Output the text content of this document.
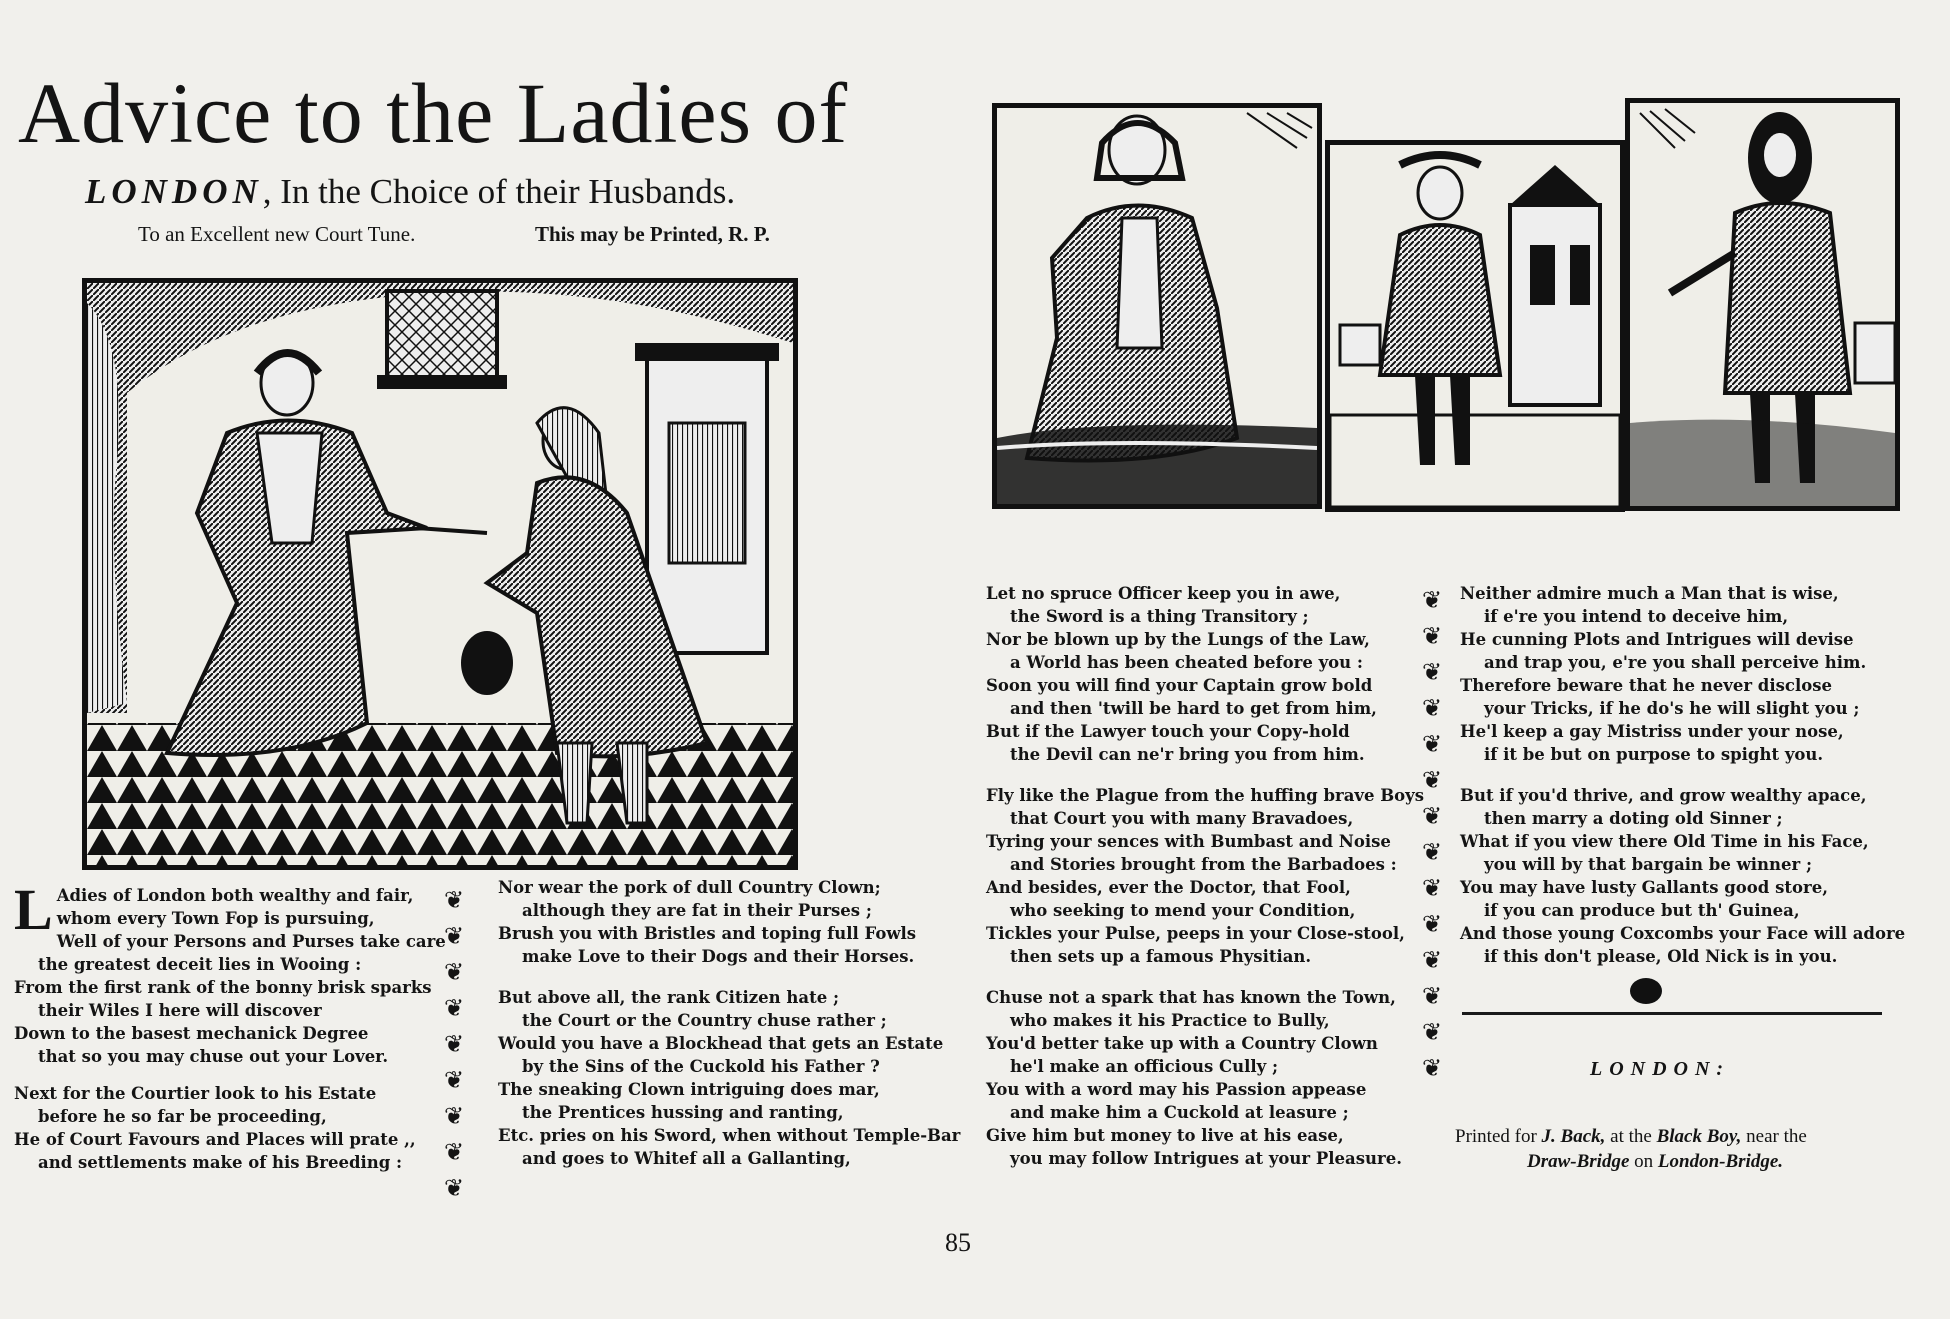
Advice to the Ladies of
LONDON, In the Choice of their Husbands.
To an Excellent new Court Tune.	This may be Printed, R. P.
L Adies of London both wealthy and fair,
whom every Town Fop is pursuing,
Well of your Persons and Purses take care
the greatest deceit lies in Wooing :
From the first rank of the bonny brisk sparks
their Wiles I here will discover
Down to the basest mechanick Degree
that so you may chuse out your Lover.
Next for the Courtier look to his Estate
before he so far be proceeding,
He of Court Favours and Places will prate ,,
and settlements make of his Breeding :
❦
❦
❦
❦
❦
❦
❦
❦
❦
Nor wear the pork of dull Country Clown;
although they are fat in their Purses ;
Brush you with Bristles and toping full Fowls
make Love to their Dogs and their Horses.
But above all, the rank Citizen hate ;
the Court or the Country chuse rather ;
Would you have a Blockhead that gets an Estate
by the Sins of the Cuckold his Father ?
The sneaking Clown intriguing does mar,
the Prentices hussing and ranting,
Etc. pries on his Sword, when without Temple-Bar
and goes to Whitef all a Gallanting,
Let no spruce Officer keep you in awe,
the Sword is a thing Transitory ;
Nor be blown up by the Lungs of the Law,
a World has been cheated before you :
Soon you will find your Captain grow bold
and then 'twill be hard to get from him,
But if the Lawyer touch your Copy-hold
the Devil can ne'r bring you from him.
Fly like the Plague from the huffing brave Boys
that Court you with many Bravadoes,
Tyring your sences with Bumbast and Noise
and Stories brought from the Barbadoes :
And besides, ever the Doctor, that Fool,
who seeking to mend your Condition,
Tickles your Pulse, peeps in your Close-stool,
then sets up a famous Physitian.
Chuse not a spark that has known the Town,
who makes it his Practice to Bully,
You'd better take up with a Country Clown
he'l make an officious Cully ;
You with a word may his Passion appease
and make him a Cuckold at leasure ;
Give him but money to live at his ease,
you may follow Intrigues at your Pleasure.
❦
❦
❦
❦
❦
❦
❦
❦
❦
❦
❦
❦
❦
❦
Neither admire much a Man that is wise,
if e're you intend to deceive him,
He cunning Plots and Intrigues will devise
and trap you, e're you shall perceive him.
Therefore beware that he never disclose
your Tricks, if he do's he will slight you ;
He'l keep a gay Mistriss under your nose,
if it be but on purpose to spight you.
But if you'd thrive, and grow wealthy apace,
then marry a doting old Sinner ;
What if you view there Old Time in his Face,
you will by that bargain be winner ;
You may have lusty Gallants good store,
if you can produce but th' Guinea,
And those young Coxcombs your Face will adore
if this don't please, Old Nick is in you.
LONDON:
Printed for J. Back, at the Black Boy, near the
Draw-Bridge on London-Bridge.
85
